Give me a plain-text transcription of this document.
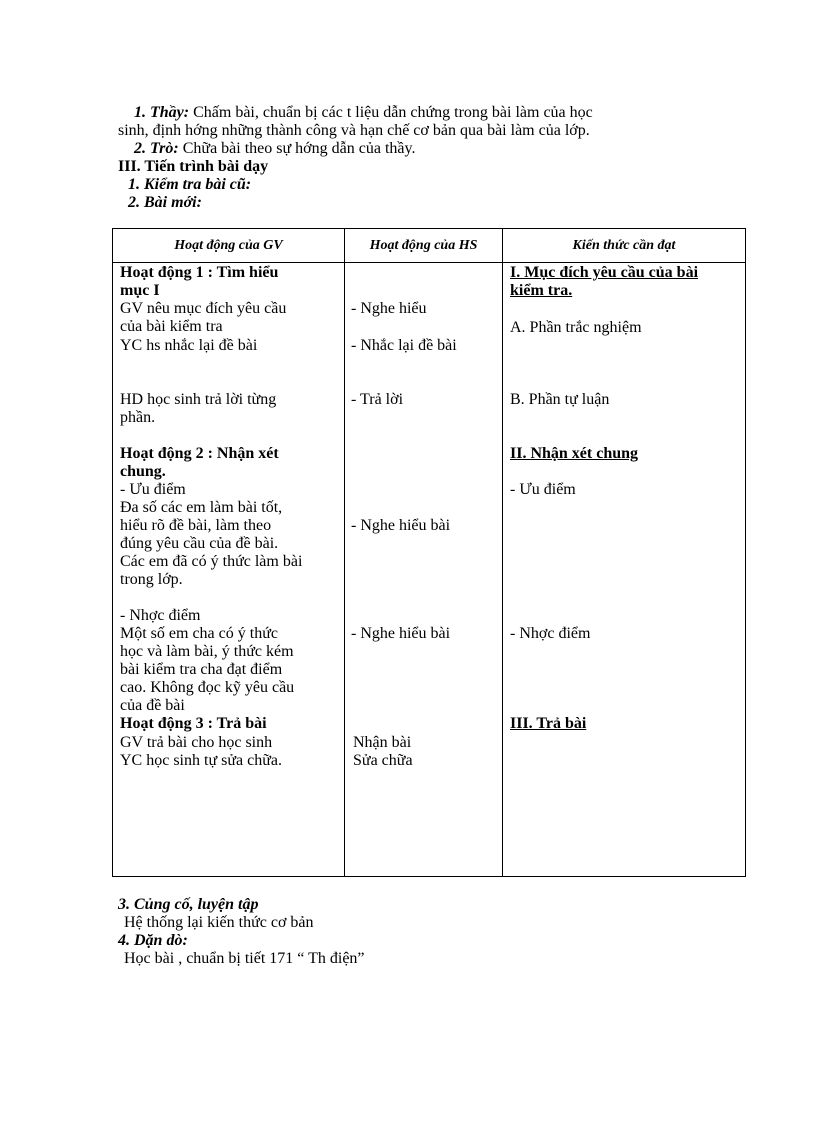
1. Thầy: Chấm bài, chuẩn bị các t liệu dẫn chứng trong bài làm của học
sinh, định hớng những thành công và hạn chế cơ bản qua bài làm của lớp.
2. Trò: Chữa bài theo sự hớng dẫn của thầy.
III. Tiến trình bài dạy
1. Kiểm tra bài cũ:
2. Bài mới:
Hoạt động của GV	Hoạt động của HS	Kiến thức cần đạt
Hoạt động 1 : Tìm hiểu
mục I
GV nêu mục đích yêu cầu
của bài kiểm tra
YC hs nhắc lại đề bài
HD học sinh trả lời từng
phần.
Hoạt động 2 : Nhận xét
chung.
- Ưu điểm
Đa số các em làm bài tốt,
hiểu rõ đề bài, làm theo
đúng yêu cầu của đề bài.
Các em đã có ý thức làm bài
trong lớp.
- Nhợc điểm
Một số em cha có ý thức
học và làm bài, ý thức kém
bài kiểm tra cha đạt điểm
cao. Không đọc kỹ yêu cầu
của đề bài
Hoạt động 3 : Trả bài
GV trả bài cho học sinh
YC học sinh tự sửa chữa.
- Nghe hiểu
- Nhắc lại đề bài
- Trả lời
- Nghe hiểu bài
- Nghe hiểu bài
Nhận bài
Sửa chữa
I. Mục đích yêu cầu của bài
kiểm tra.
A. Phần trắc nghiệm
B. Phần tự luận
II. Nhận xét chung
- Ưu điểm
- Nhợc điểm
III. Trả bài
3. Củng cố, luyện tập
Hệ thống lại kiến thức cơ bản
4. Dặn dò:
Học bài , chuẩn bị tiết 171 “ Th điện”
